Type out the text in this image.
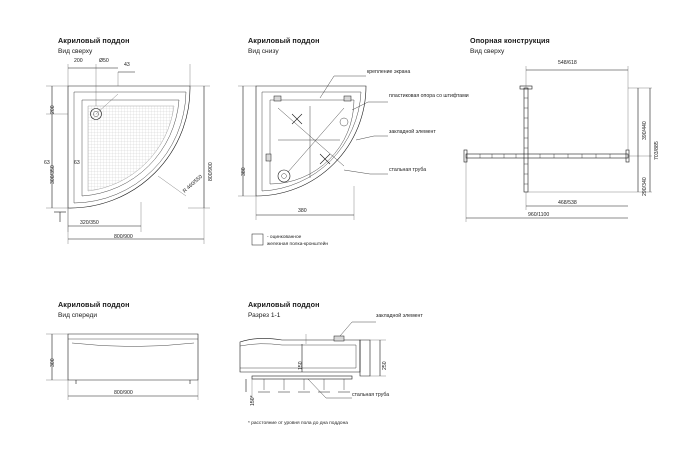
Акриловый поддон
Вид сверху
200	Ø50
43
200
300/350	800/900
63	63
320/350
800/900
R 460/550
Акриловый поддон
Вид снизу
380
380
крепление экрана
пластиковая опора со штифтами
закладной элемент
стальная труба
- оцинкованное
железная полка-кронштейн
Опорная конструкция
Вид сверху
548/618
390/440
703/885
290/340
468/538
960/1100
Акриловый поддон
Вид спереди
300
800/900
Акриловый поддон
Разрез 1-1
150	250
150*
закладной элемент
стальная труба
* расстояние от уровня пола до дна поддона
